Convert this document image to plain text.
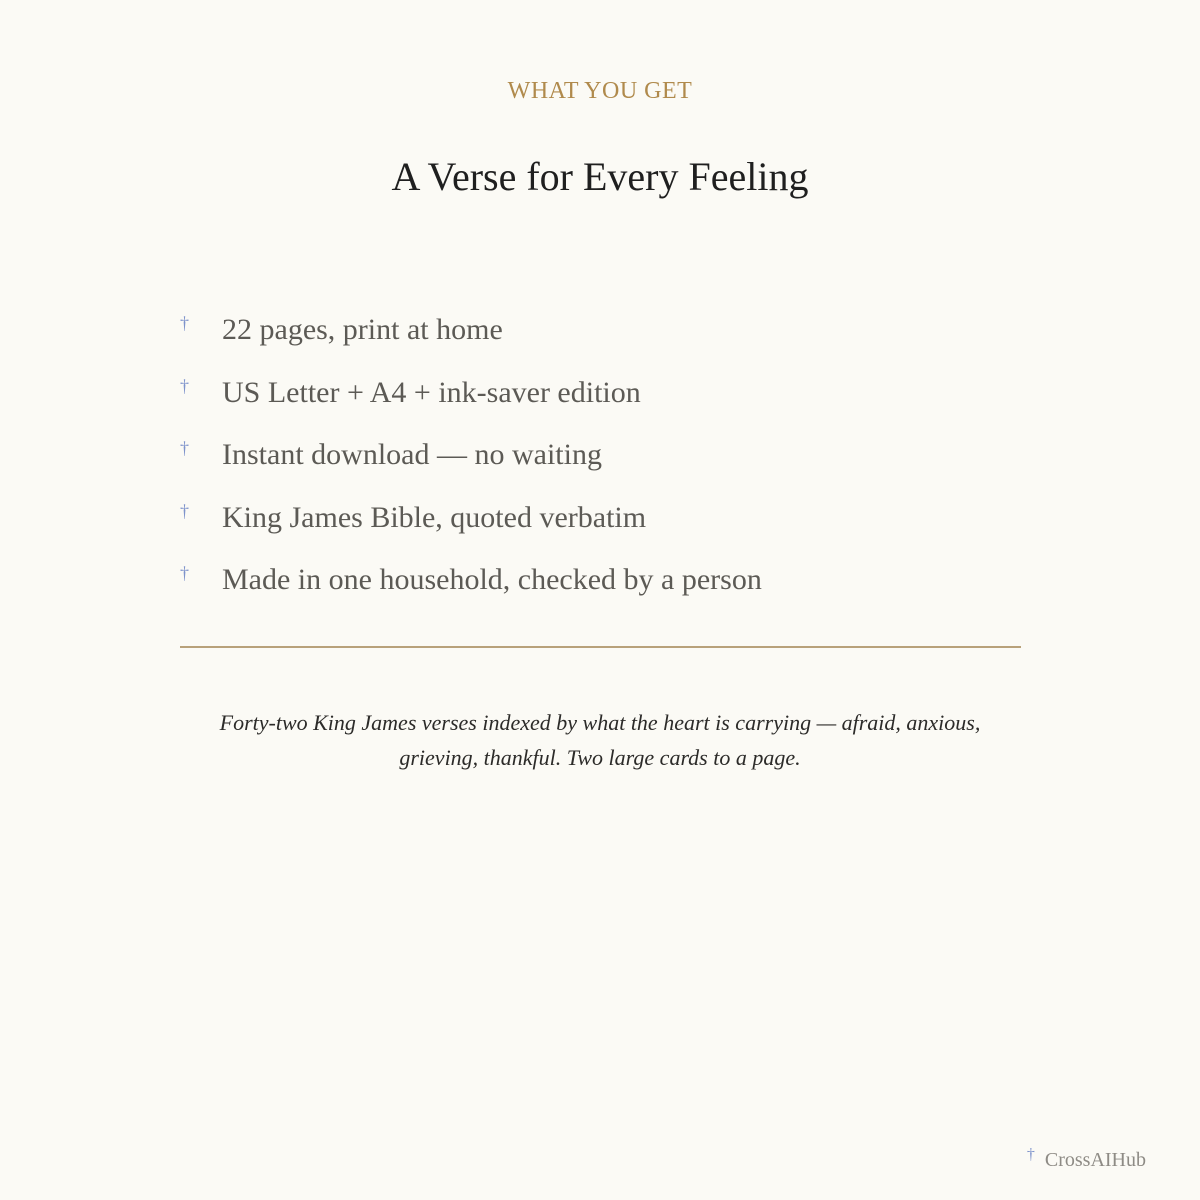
WHAT YOU GET
A Verse for Every Feeling
† 22 pages, print at home
† US Letter + A4 + ink-saver edition
† Instant download — no waiting
† King James Bible, quoted verbatim
† Made in one household, checked by a person

Forty-two King James verses indexed by what the heart is carrying — afraid, anxious, grieving, thankful. Two large cards to a page.

† CrossAIHub
